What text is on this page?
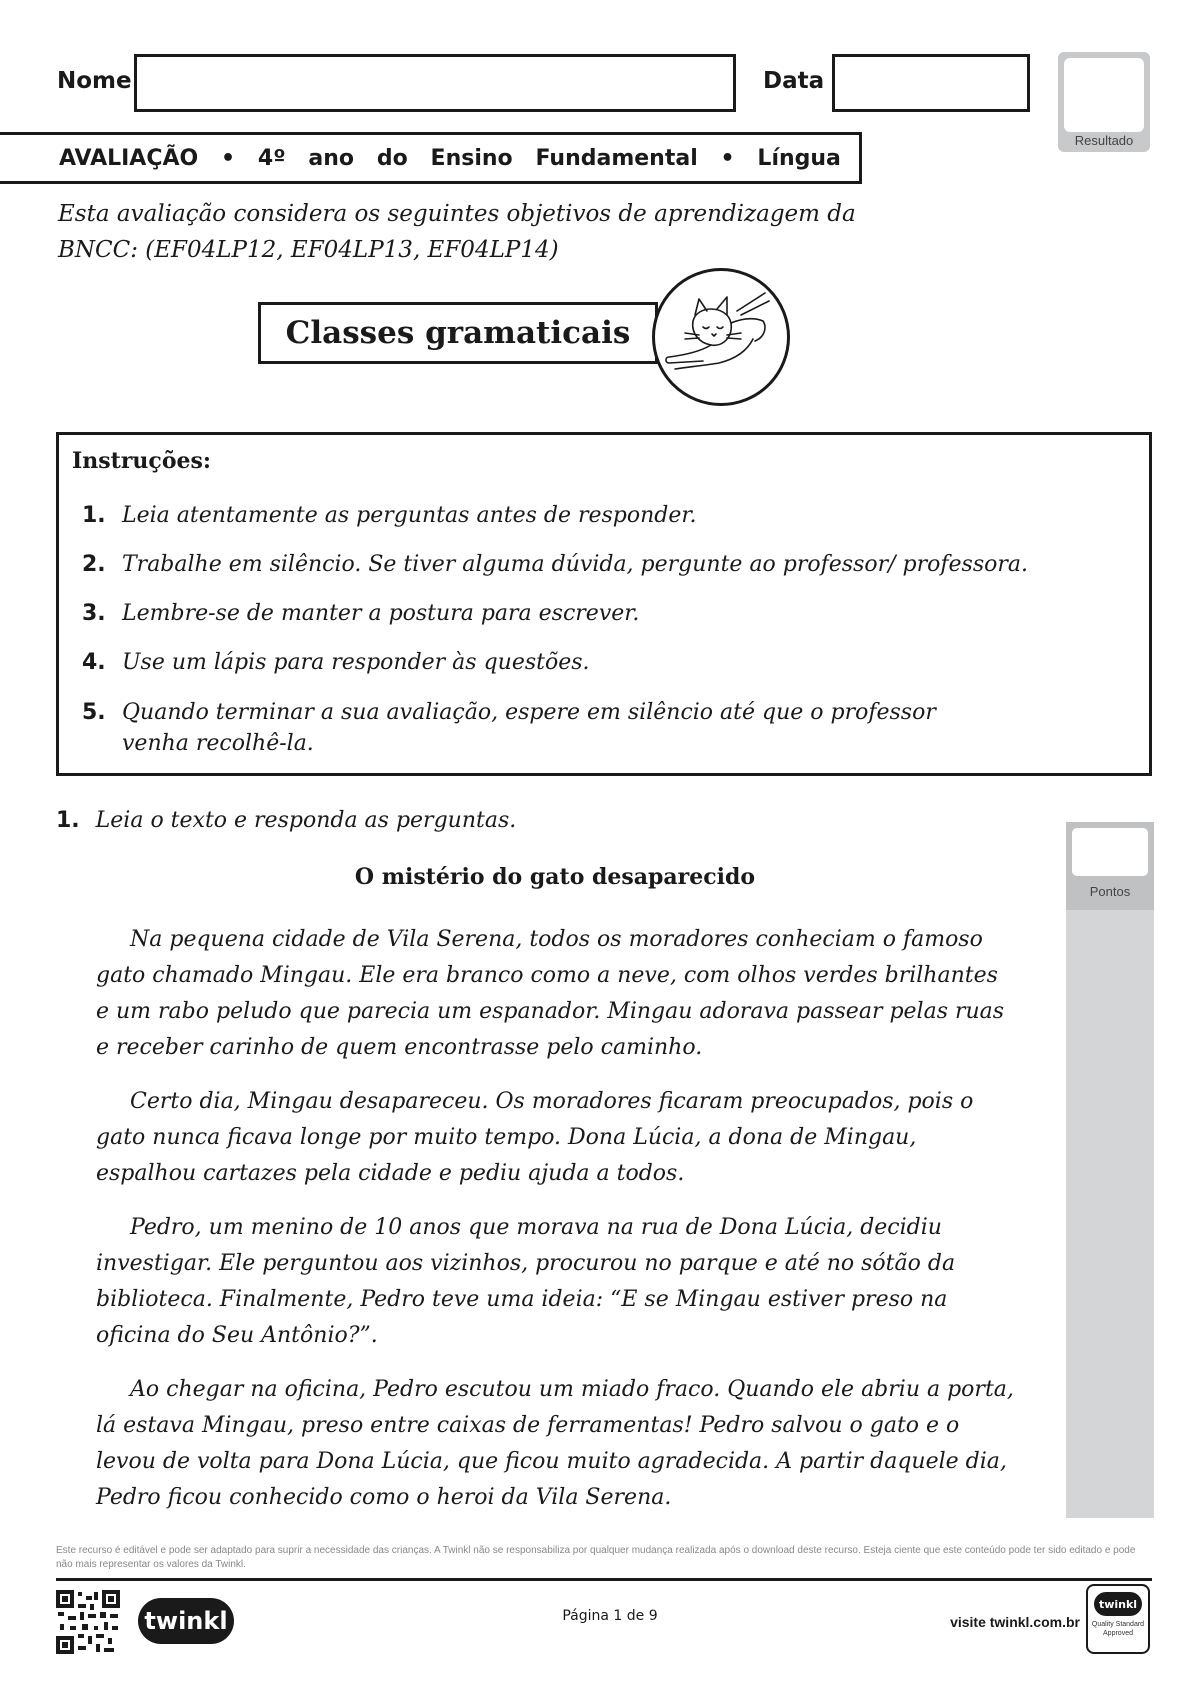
Nome	Data
Resultado
AVALIAÇÃO • 4º ano do Ensino Fundamental • Língua
Esta avaliação considera os seguintes objetivos de aprendizagem da
BNCC: (EF04LP12, EF04LP13, EF04LP14)
Classes gramaticais
Instruções:
1. Leia atentamente as perguntas antes de responder.
2. Trabalhe em silêncio. Se tiver alguma dúvida, pergunte ao professor/ professora.
3. Lembre-se de manter a postura para escrever.
4. Use um lápis para responder às questões.
5. Quando terminar a sua avaliação, espere em silêncio até que o professor venha recolhê-la.
1. Leia o texto e responda as perguntas.
O mistério do gato desaparecido
Na pequena cidade de Vila Serena, todos os moradores conheciam o famoso gato chamado Mingau. Ele era branco como a neve, com olhos verdes brilhantes e um rabo peludo que parecia um espanador. Mingau adorava passear pelas ruas e receber carinho de quem encontrasse pelo caminho.
Certo dia, Mingau desapareceu. Os moradores ficaram preocupados, pois o gato nunca ficava longe por muito tempo. Dona Lúcia, a dona de Mingau, espalhou cartazes pela cidade e pediu ajuda a todos.
Pedro, um menino de 10 anos que morava na rua de Dona Lúcia, decidiu investigar. Ele perguntou aos vizinhos, procurou no parque e até no sótão da biblioteca. Finalmente, Pedro teve uma ideia: “E se Mingau estiver preso na oficina do Seu Antônio?”.
Ao chegar na oficina, Pedro escutou um miado fraco. Quando ele abriu a porta, lá estava Mingau, preso entre caixas de ferramentas! Pedro salvou o gato e o levou de volta para Dona Lúcia, que ficou muito agradecida. A partir daquele dia, Pedro ficou conhecido como o heroi da Vila Serena.
Pontos
Este recurso é editável e pode ser adaptado para suprir a necessidade das crianças. A Twinkl não se responsabiliza por qualquer mudança realizada após o download deste recurso. Esteja ciente que este conteúdo pode ter sido editado e pode não mais representar os valores da Twinkl.
twinkl	Página 1 de 9	visite twinkl.com.br
twinkl
Quality Standard Approved
